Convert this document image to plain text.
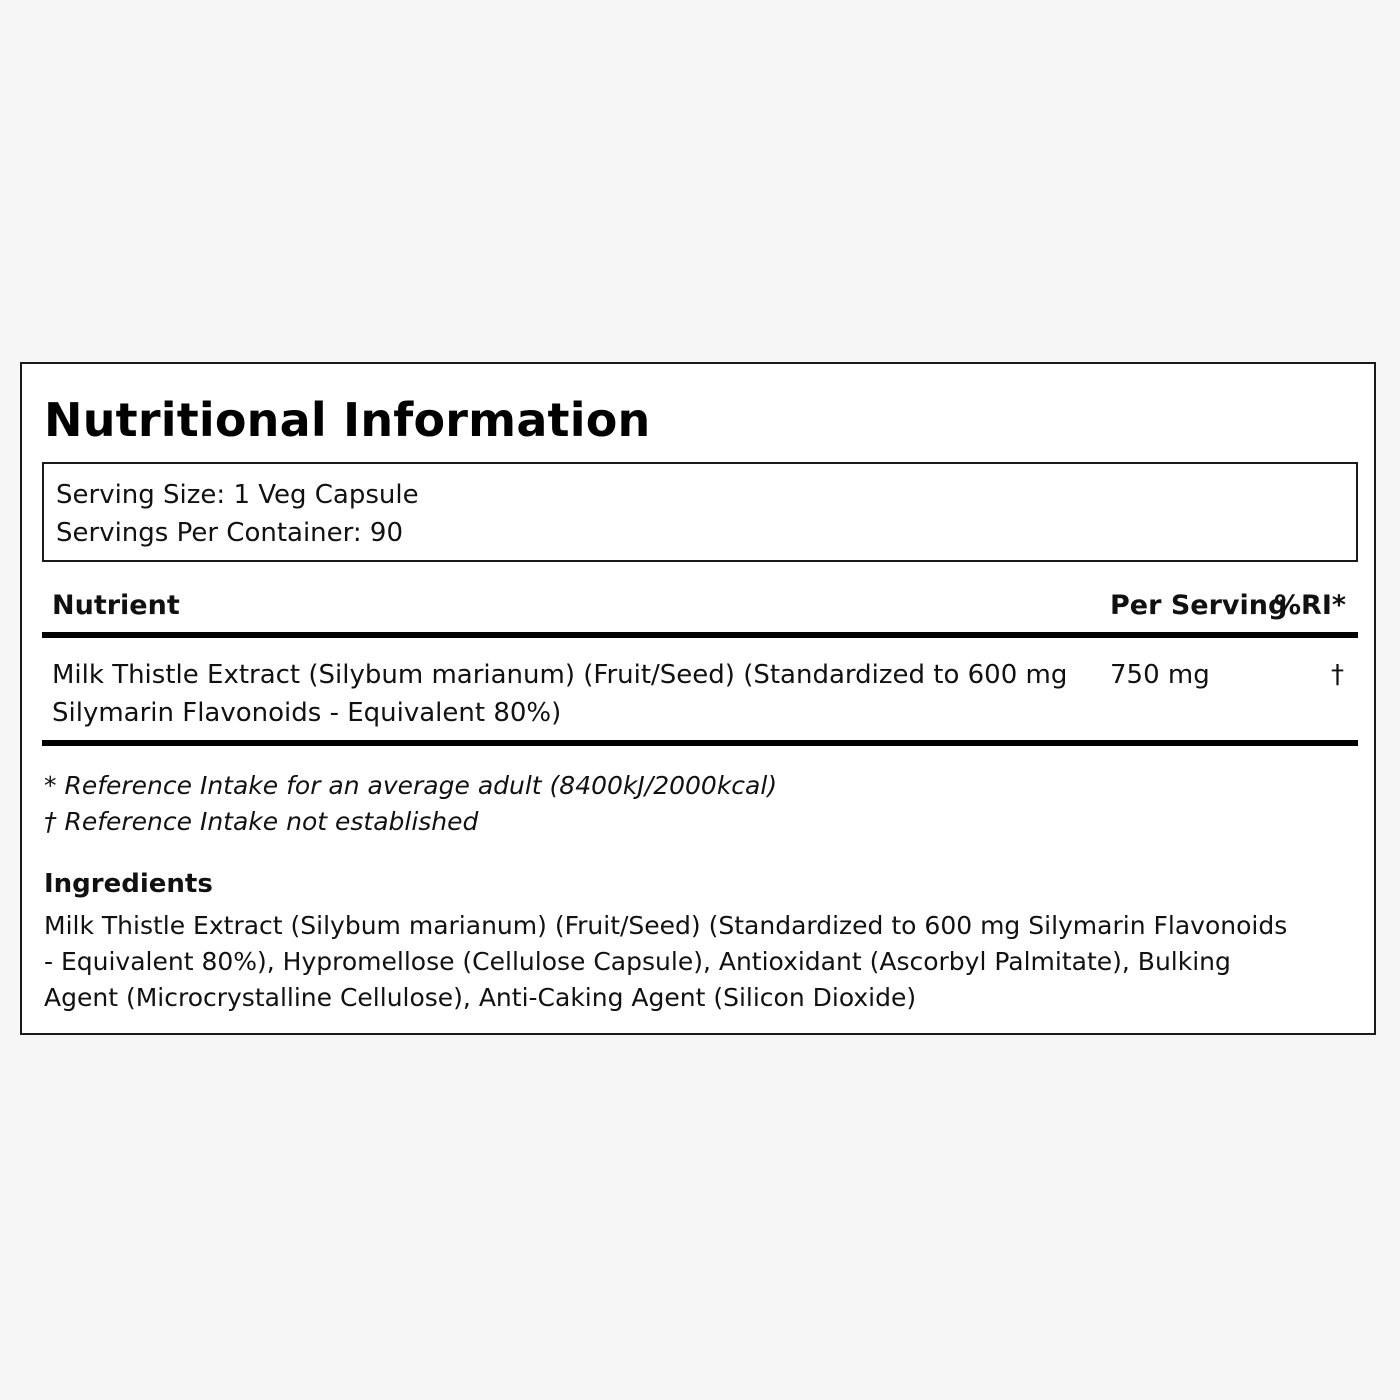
Nutritional Information
Serving Size: 1 Veg Capsule
Servings Per Container: 90
Nutrient	Per Serving
%RI*
Milk Thistle Extract (Silybum marianum) (Fruit/Seed) (Standardized to 600 mg Silymarin Flavonoids - Equivalent 80%)
750 mg	†
* Reference Intake for an average adult (8400kJ/2000kcal)
† Reference Intake not established
Ingredients
Milk Thistle Extract (Silybum marianum) (Fruit/Seed) (Standardized to 600 mg Silymarin Flavonoids - Equivalent 80%), Hypromellose (Cellulose Capsule), Antioxidant (Ascorbyl Palmitate), Bulking Agent (Microcrystalline Cellulose), Anti-Caking Agent (Silicon Dioxide)
